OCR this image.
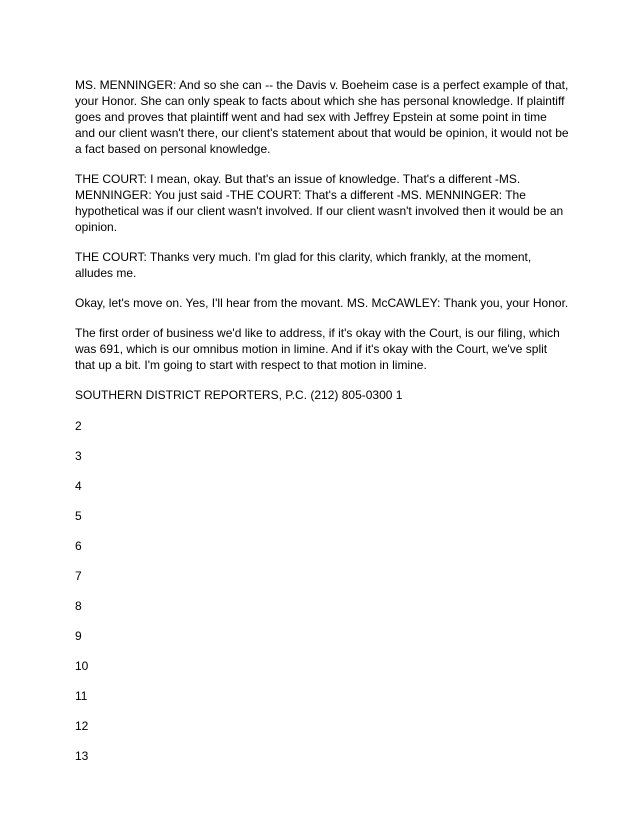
MS. MENNINGER: And so she can -- the Davis v. Boeheim case is a perfect example of that, your Honor. She can only speak to facts about which she has personal knowledge. If plaintiff goes and proves that plaintiff went and had sex with Jeffrey Epstein at some point in time and our client wasn't there, our client's statement about that would be opinion, it would not be a fact based on personal knowledge.

THE COURT: I mean, okay. But that's an issue of knowledge. That's a different -MS. MENNINGER: You just said -THE COURT: That's a different -MS. MENNINGER: The hypothetical was if our client wasn't involved. If our client wasn't involved then it would be an opinion.

THE COURT: Thanks very much. I'm glad for this clarity, which frankly, at the moment, alludes me.

Okay, let's move on. Yes, I'll hear from the movant. MS. McCAWLEY: Thank you, your Honor.

The first order of business we'd like to address, if it's okay with the Court, is our filing, which was 691, which is our omnibus motion in limine. And if it's okay with the Court, we've split that up a bit. I'm going to start with respect to that motion in limine.

SOUTHERN DISTRICT REPORTERS, P.C. (212) 805-0300 1

2
3
4
5
6
7
8
9
10
11
12
13
